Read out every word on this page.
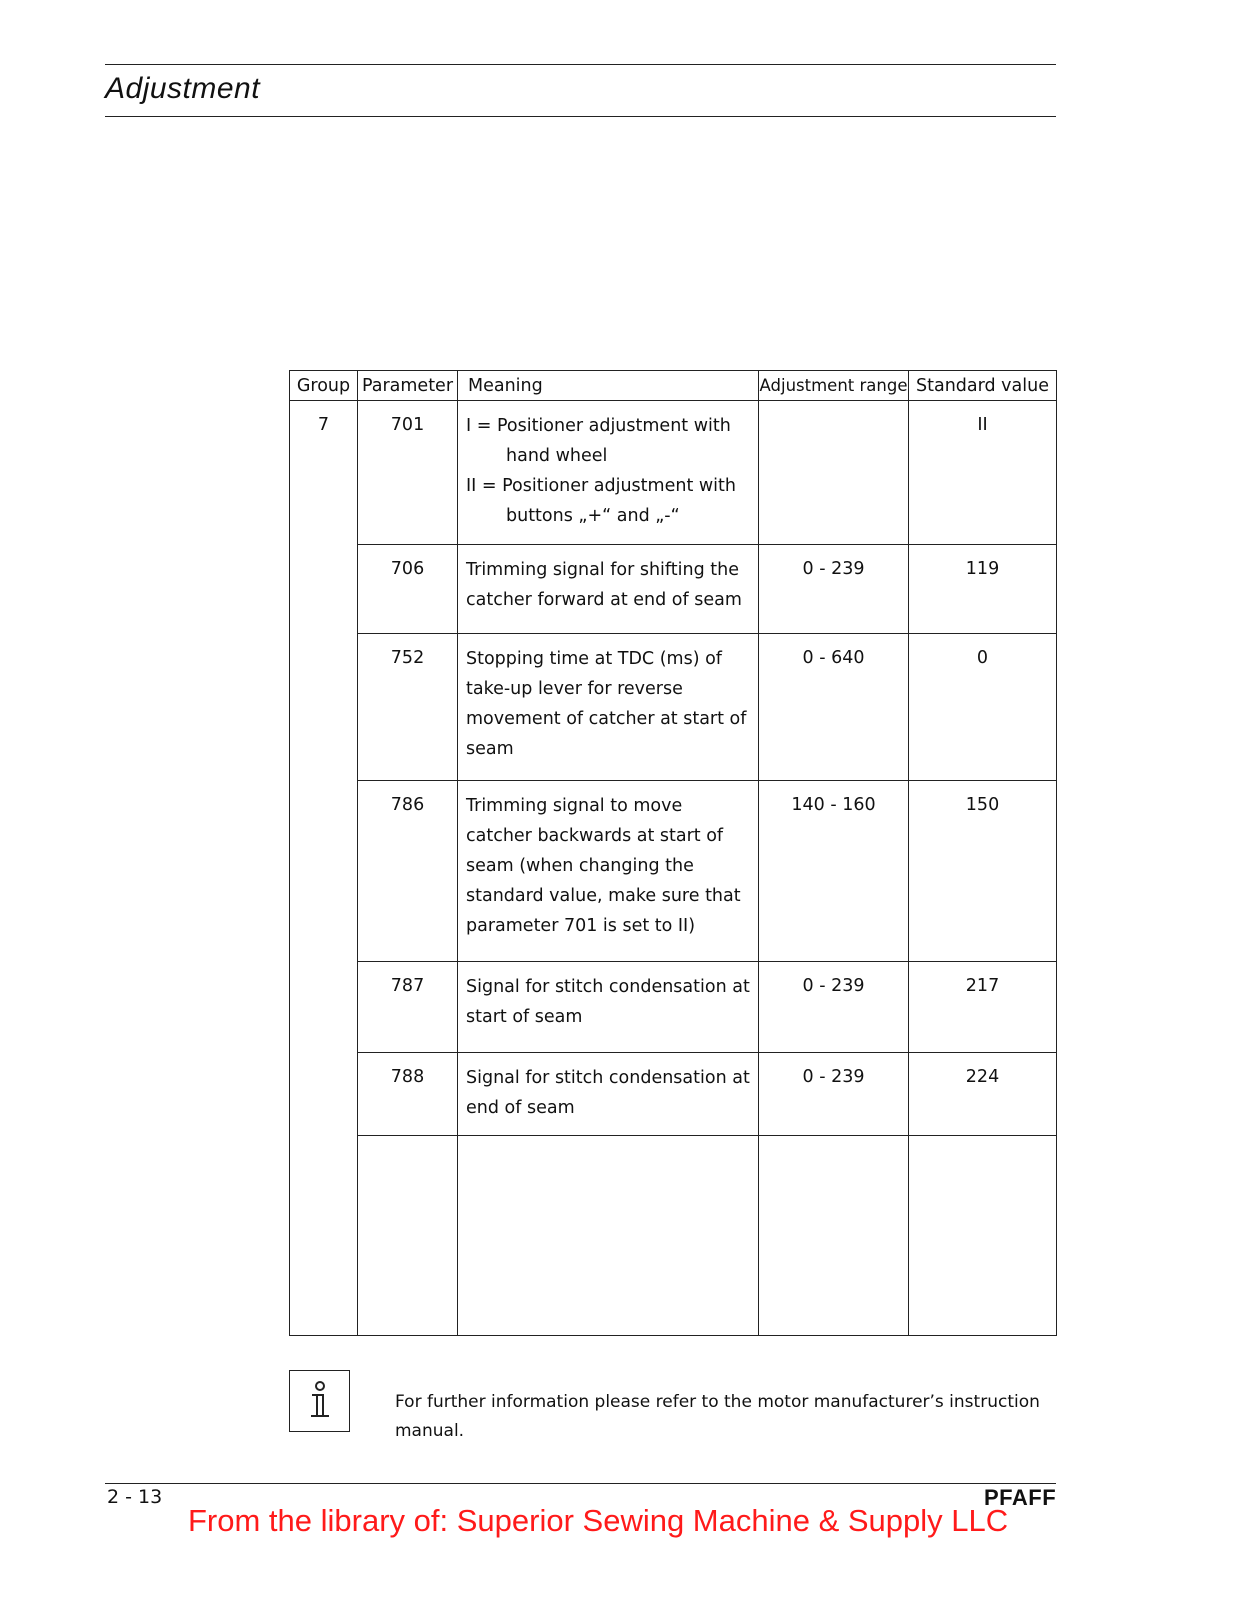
Adjustment
Group	Parameter	Meaning	Adjustment range	Standard value
7	701	I = Positioner adjustment with
hand wheel
II = Positioner adjustment with
buttons „+“ and „-“		II
	706	Trimming signal for shifting the catcher forward at end of seam	0 - 239	119
	752	Stopping time at TDC (ms) of take-up lever for reverse movement of catcher at start of seam	0 - 640	0
	786	Trimming signal to move catcher backwards at start of seam (when changing the standard value, make sure that parameter 701 is set to II)	140 - 160	150
	787	Signal for stitch condensation at start of seam	0 - 239	217
	788	Signal for stitch condensation at end of seam	0 - 239	224

For further information please refer to the motor manufacturer’s instruction manual.
2 - 13	PFAFF
From the library of: Superior Sewing Machine & Supply LLC
